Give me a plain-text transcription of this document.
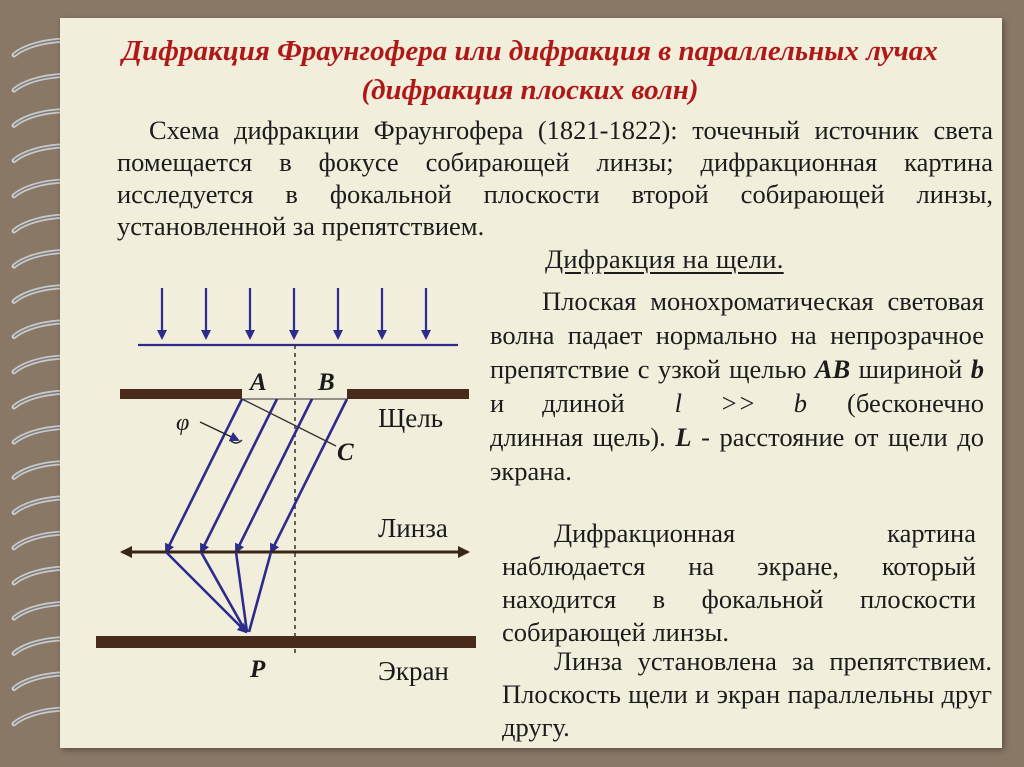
Дифракция Фраунгофера или дифракция в параллельных лучах (дифракция плоских волн)
Схема дифракции Фраунгофера (1821-1822): точечный источник света помещается в фокусе собирающей линзы; дифракционная картина исследуется в фокальной плоскости второй собирающей линзы, установленной за препятствием.
Дифракция на щели.
Плоская монохроматическая световая волна падает нормально на непрозрачное препятствие с узкой щелью AB шириной b и длиной l >> b (бесконечно длинная щель). L - расстояние от щели до экрана.
Дифракционная картина наблюдается на экране, который находится в фокальной плоскости собирающей линзы.
Линза установлена за препятствием. Плоскость щели и экран параллельны друг другу.
A B
C
P
φ	Щель
Линза
Экран
